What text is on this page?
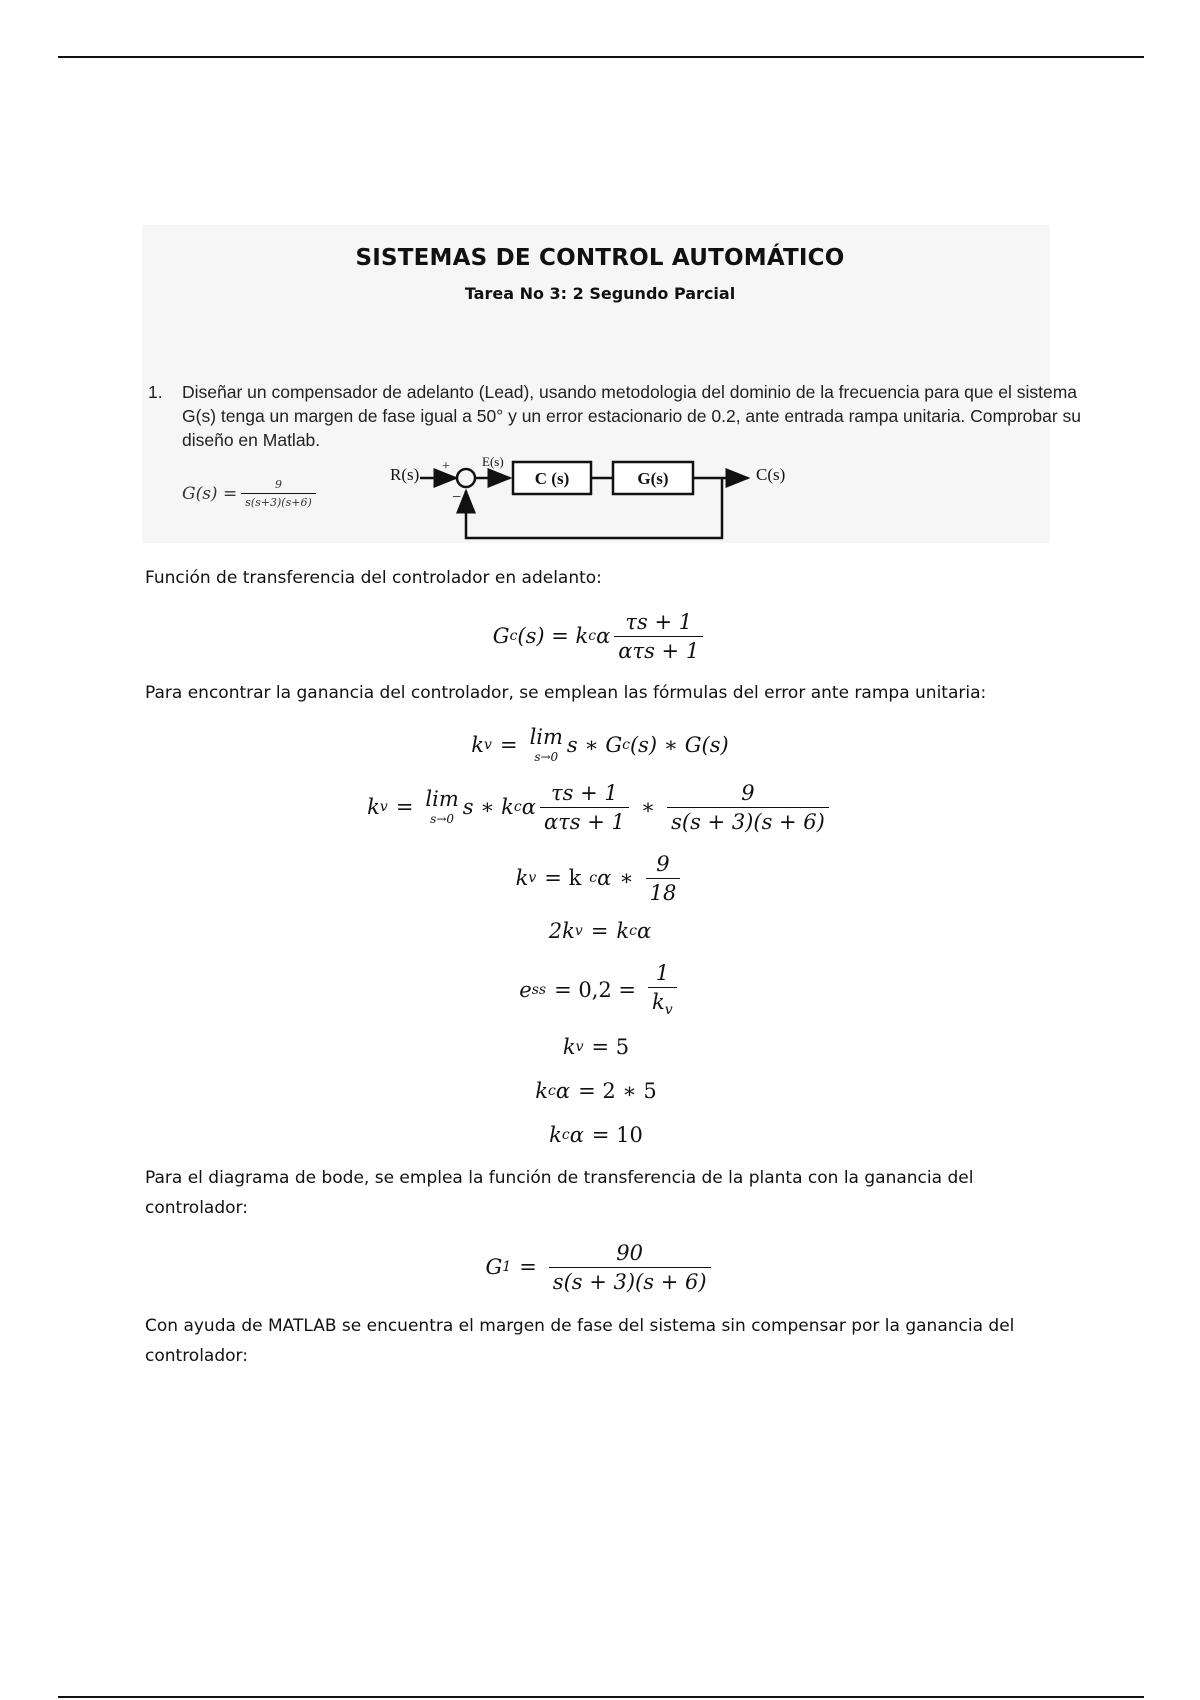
SISTEMAS DE CONTROL AUTOMÁTICO
Tarea No 3: 2 Segundo Parcial
1. Diseñar un compensador de adelanto (Lead), usando metodologia del dominio de la frecuencia para que el sistema G(s) tenga un margen de fase igual a 50° y un error estacionario de 0.2, ante entrada rampa unitaria. Comprobar su diseño en Matlab.
$G(s) = \frac{9}{s(s+3)(s+6)}$
R(s) +
−
E(s)
C (s)	G(s)	C(s)
Función de transferencia del controlador en adelanto:
G c (s) = k c α $\frac{\tau s + 1}{\text{ατs + 1}}$
Para encontrar la ganancia del controlador, se emplean las fórmulas del error ante rampa unitaria:
k v = lim
s→0 s ∗ G c (s) ∗ G(s)
k v = lim
s→0 s ∗ k c α $\frac{\tau s + 1}{\text{ατs + 1}}$ ∗ $\frac{9}{s(s + 3)(s + 6)}$
k v = k c α ∗ $\frac{9}{18}$
2k v = k c α
e ss = $0,2 = \frac{1}{k_v}$
k v = 5
k c α = 2 ∗ 5
k c α = 10
Para el diagrama de bode, se emplea la función de transferencia de la planta con la ganancia del controlador:
G $1 = \frac{90}{s(s + 3)(s + 6)}$
Con ayuda de MATLAB se encuentra el margen de fase del sistema sin compensar por la ganancia del controlador:
